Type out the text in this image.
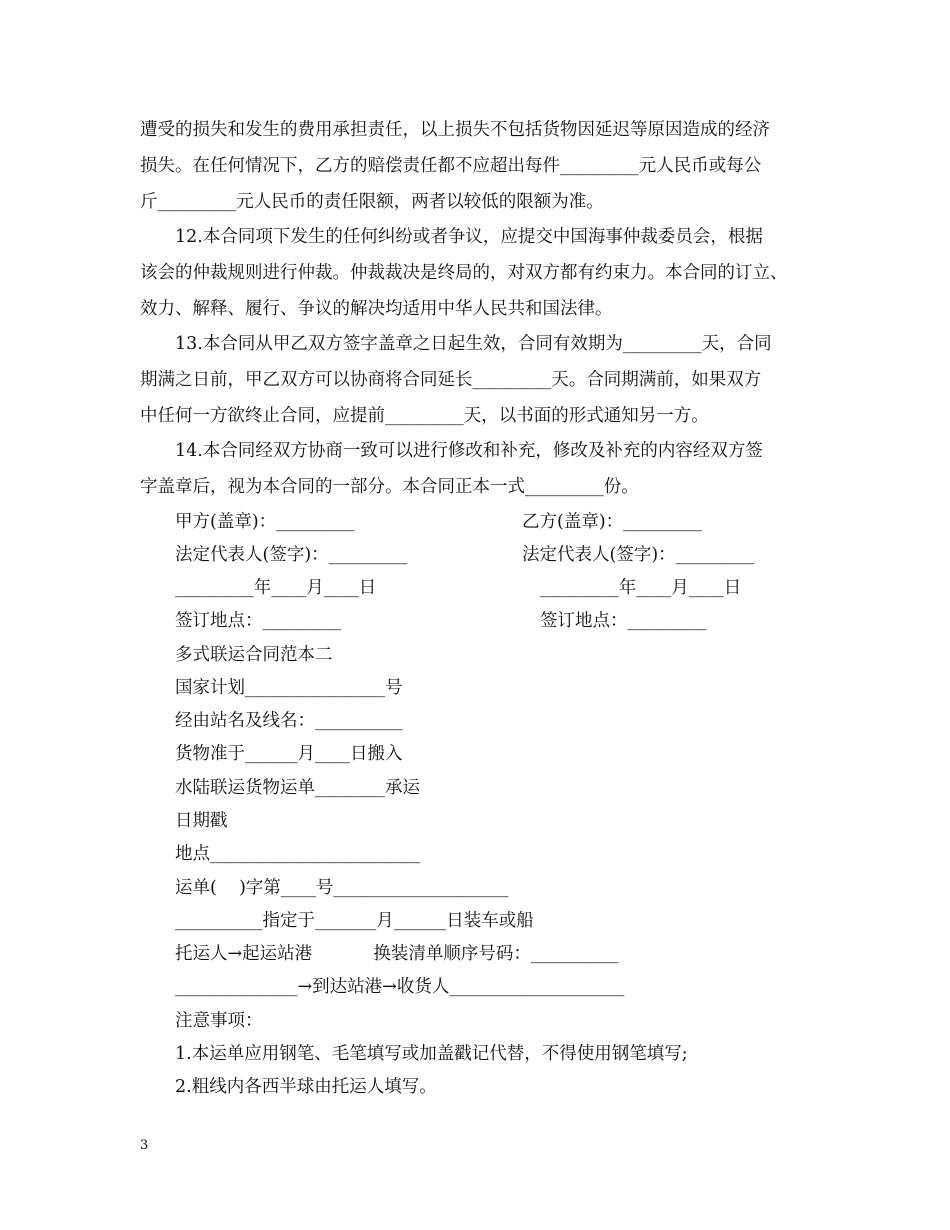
遭受的损失和发生的费用承担责任，以上损失不包括货物因延迟等原因造成的经济
损失。在任何情况下，乙方的赔偿责任都不应超出每件_________元人民币或每公
斤_________元人民币的责任限额，两者以较低的限额为准。
12.本合同项下发生的任何纠纷或者争议，应提交中国海事仲裁委员会，根据
该会的仲裁规则进行仲裁。仲裁裁决是终局的，对双方都有约束力。本合同的订立、
效力、解释、履行、争议的解决均适用中华人民共和国法律。
13.本合同从甲乙双方签字盖章之日起生效，合同有效期为_________天，合同
期满之日前，甲乙双方可以协商将合同延长_________天。合同期满前，如果双方
中任何一方欲终止合同，应提前_________天，以书面的形式通知另一方。
14.本合同经双方协商一致可以进行修改和补充，修改及补充的内容经双方签
字盖章后，视为本合同的一部分。本合同正本一式_________份。
甲方(盖章)：_________
法定代表人(签字)：_________
_________年____月____日
签订地点：_________
乙方(盖章)：_________
法定代表人(签字)：_________
_________年____月____日
签订地点：_________
多式联运合同范本二
国家计划________________号
经由站名及线名：__________
货物准于______月____日搬入
水陆联运货物运单________承运
日期戳
地点________________________
运单(    )字第____号____________________
__________指定于_______月______日装车或船
托运人→起运站港           换装清单顺序号码：__________
______________→到达站港→收货人____________________
注意事项：
1.本运单应用钢笔、毛笔填写或加盖戳记代替，不得使用钢笔填写;
2.粗线内各西半球由托运人填写。
3
